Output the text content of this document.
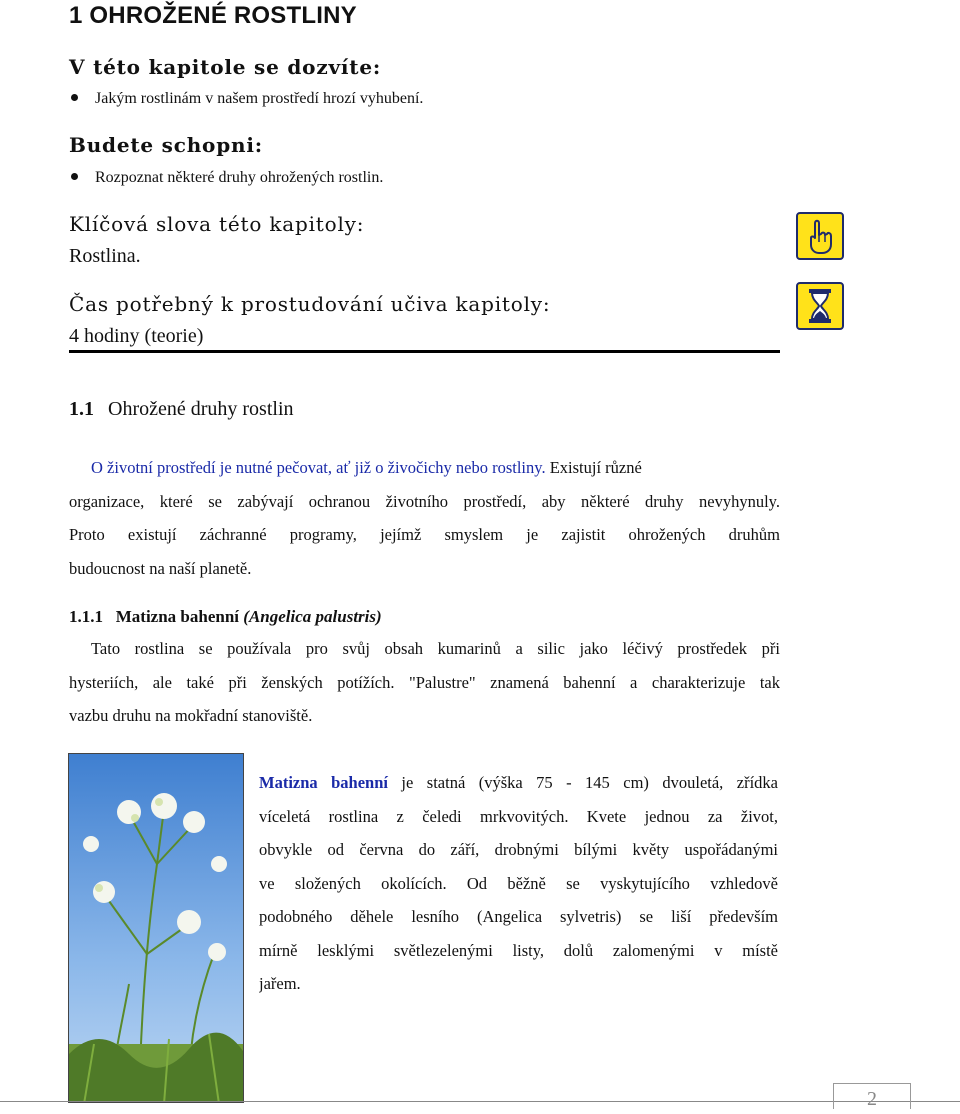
1 OHROŽENÉ ROSTLINY
V této kapitole se dozvíte:
Jakým rostlinám v našem prostředí hrozí vyhubení.
Budete schopni:
Rozpoznat některé druhy ohrožených rostlin.
Klíčová slova této kapitoly:
Rostlina.
Čas potřebný k prostudování učiva kapitoly:
4 hodiny (teorie)
1.1 Ohrožené druhy rostlin
O životní prostředí je nutné pečovat, ať již o živočichy nebo rostliny. Existují různé
organizace, které se zabývají ochranou životního prostředí, aby některé druhy nevyhynuly.
Proto existují záchranné programy, jejímž smyslem je zajistit ohrožených druhům
budoucnost na naší planetě.
1.1.1 Matizna bahenní (Angelica palustris)
Tato rostlina se používala pro svůj obsah kumarinů a silic jako léčivý prostředek při
hysteriích, ale také při ženských potížích. "Palustre" znamená bahenní a charakterizuje tak
vazbu druhu na mokřadní stanoviště.
Matizna bahenní je statná (výška 75 - 145 cm) dvouletá, zřídka
víceletá rostlina z čeledi mrkvovitých. Kvete jednou za život,
obvykle od června do září, drobnými bílými květy uspořádanými
ve složených okolících. Od běžně se vyskytujícího vzhledově
podobného děhele lesního (Angelica sylvetris) se liší především
mírně lesklými světlezelenými listy, dolů zalomenými v místě
jařem.
2
